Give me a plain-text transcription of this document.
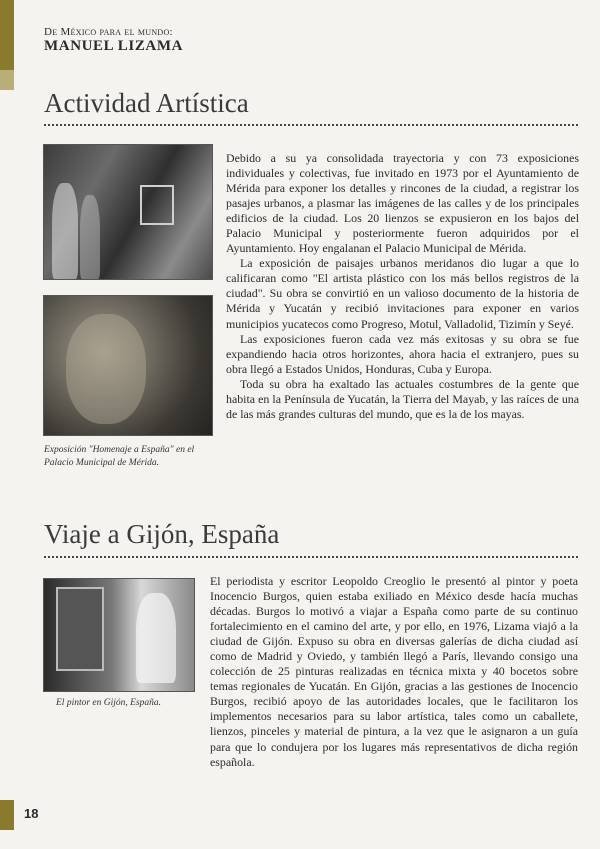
18
De México para el mundo:
MANUEL LIZAMA
Actividad Artística
Exposición "Homenaje a España" en el Palacio Municipal de Mérida.

Debido a su ya consolidada trayectoria y con 73 exposiciones individuales y colectivas, fue invitado en 1973 por el Ayuntamiento de Mérida para exponer los detalles y rincones de la ciudad, a registrar los pasajes urbanos, a plasmar las imágenes de las calles y de los principales edificios de la ciudad. Los 20 lienzos se expusieron en los bajos del Palacio Municipal y posteriormente fueron adquiridos por el Ayuntamiento. Hoy engalanan el Palacio Municipal de Mérida.

La exposición de paisajes urbanos meridanos dio lugar a que lo calificaran como "El artista plástico con los más bellos registros de la ciudad". Su obra se convirtió en un valioso documento de la historia de Mérida y Yucatán y recibió invitaciones para exponer en varios municipios yucatecos como Progreso, Motul, Valladolid, Tizimín y Seyé.

Las exposiciones fueron cada vez más exitosas y su obra se fue expandiendo hacia otros horizontes, ahora hacia el extranjero, pues su obra llegó a Estados Unidos, Honduras, Cuba y Europa.

Toda su obra ha exaltado las actuales costumbres de la gente que habita en la Península de Yucatán, la Tierra del Mayab, y las raíces de una de las más grandes culturas del mundo, que es la de los mayas.

Viaje a Gijón, España
El pintor en Gijón, España.

El periodista y escritor Leopoldo Creoglio le presentó al pintor y poeta Inocencio Burgos, quien estaba exiliado en México desde hacía muchas décadas. Burgos lo motivó a viajar a España como parte de su continuo fortalecimiento en el camino del arte, y por ello, en 1976, Lizama viajó a la ciudad de Gijón. Expuso su obra en diversas galerías de dicha ciudad así como de Madrid y Oviedo, y también llegó a París, llevando consigo una colección de 25 pinturas realizadas en técnica mixta y 40 bocetos sobre temas regionales de Yucatán. En Gijón, gracias a las gestiones de Inocencio Burgos, recibió apoyo de las autoridades locales, que le facilitaron los implementos necesarios para su labor artística, tales como un caballete, lienzos, pinceles y material de pintura, a la vez que le asignaron a un guía para que lo condujera por los lugares más representativos de dicha región española.
